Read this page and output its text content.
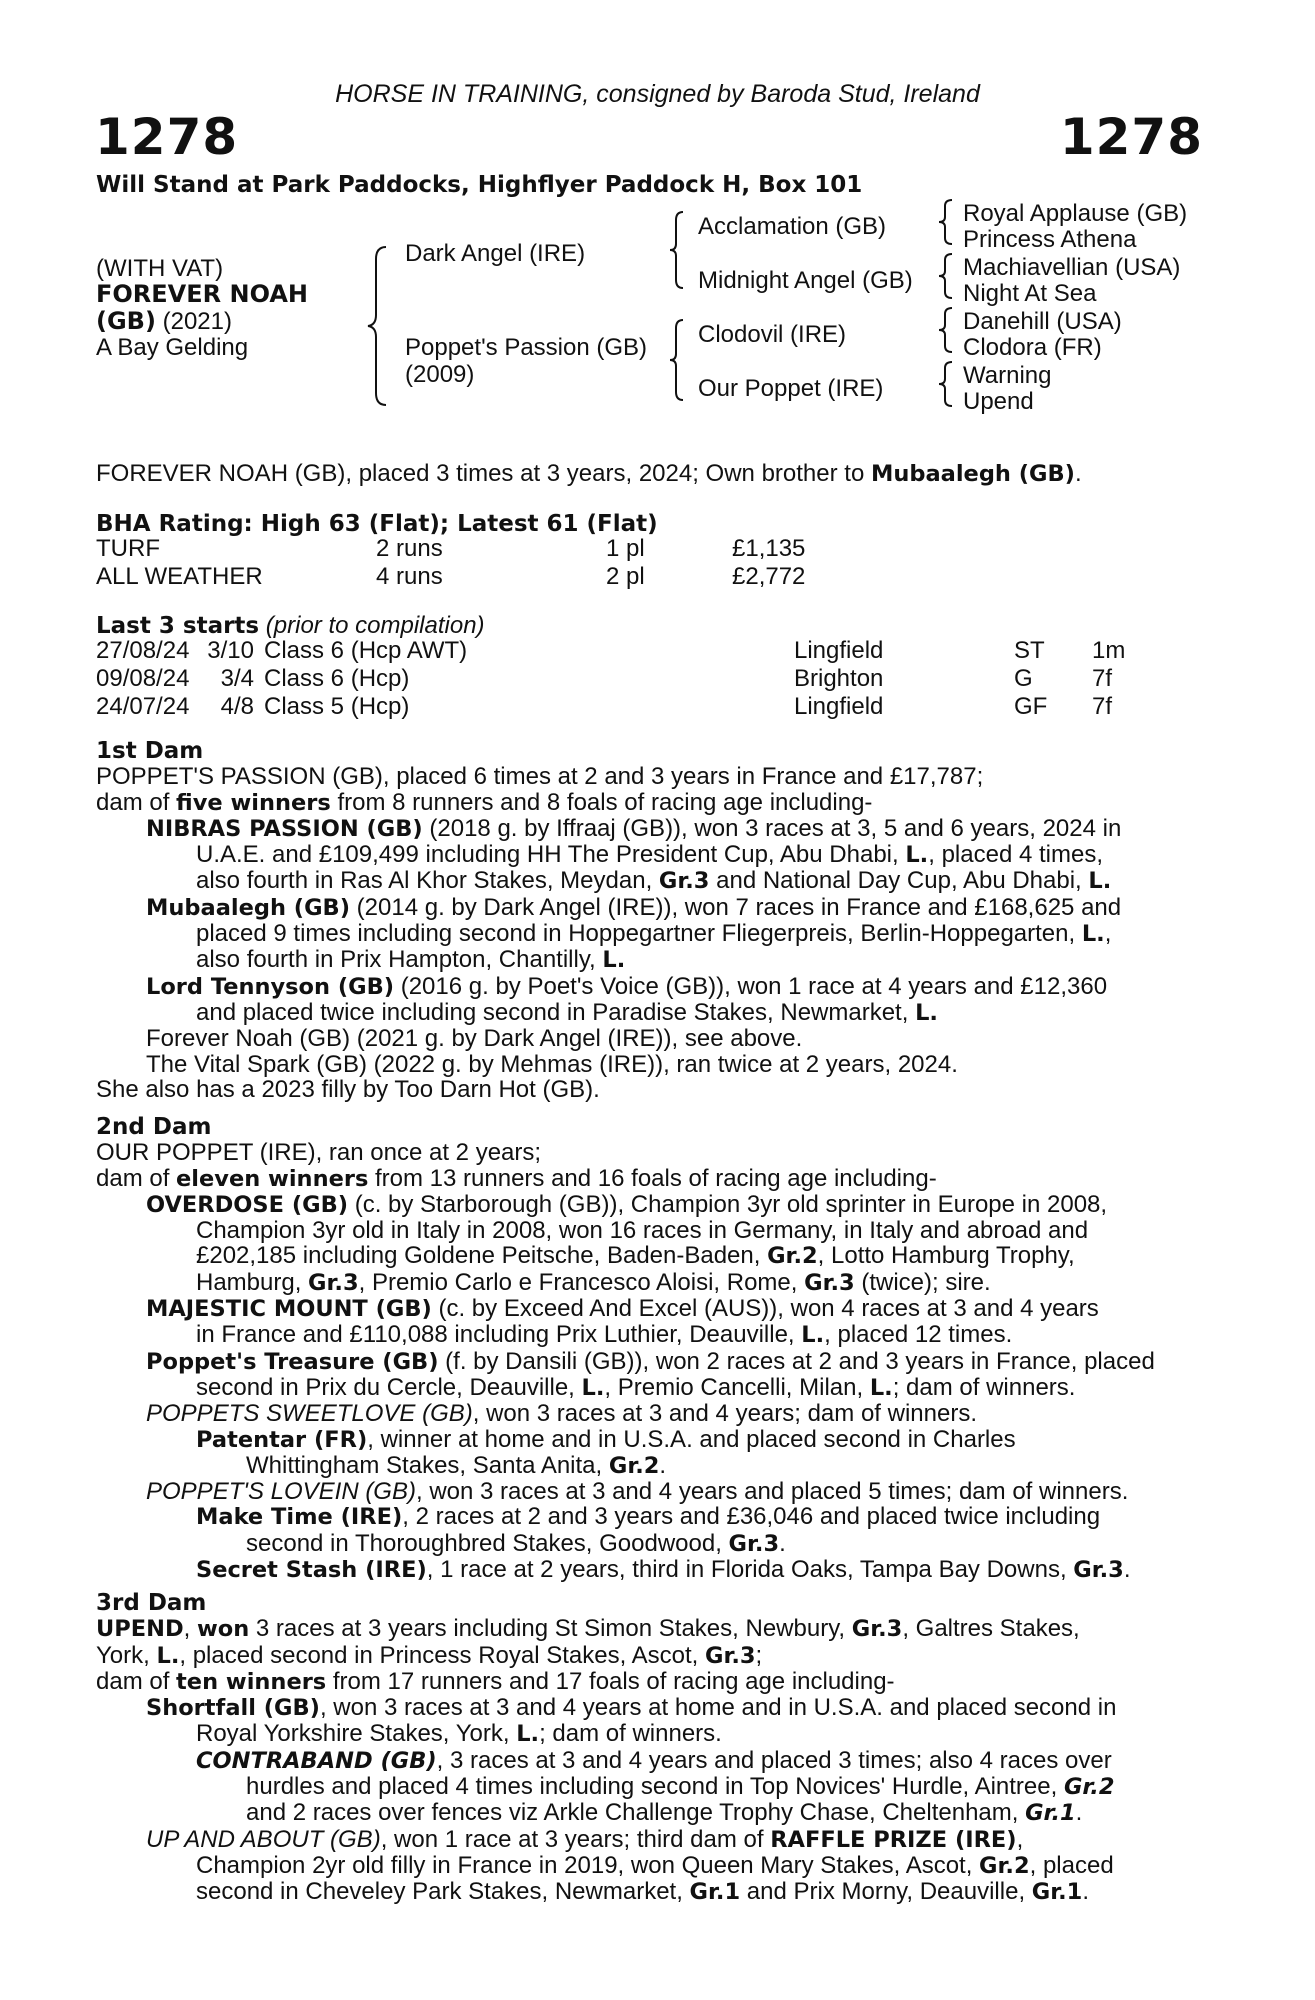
HORSE IN TRAINING, consigned by Baroda Stud, Ireland
1278	1278
Will Stand at Park Paddocks, Highflyer Paddock H, Box 101
(WITH VAT)
FOREVER NOAH
(GB) (2021)
A Bay Gelding
Dark Angel (IRE)
Poppet's Passion (GB)
(2009)
Acclamation (GB)
Midnight Angel (GB)
Clodovil (IRE)
Our Poppet (IRE)
Royal Applause (GB)
Princess Athena
Machiavellian (USA)
Night At Sea
Danehill (USA)
Clodora (FR)
Warning
Upend
FOREVER NOAH (GB), placed 3 times at 3 years, 2024; Own brother to Mubaalegh (GB).
BHA Rating: High 63 (Flat); Latest 61 (Flat)
TURF	2 runs	1 pl	£1,135
ALL WEATHER	4 runs	2 pl	£2,772
Last 3 starts (prior to compilation)
27/08/24	3/10	Class 6 (Hcp AWT)	Lingfield	ST	1m
09/08/24	3/4	Class 6 (Hcp)	Brighton	G	7f
24/07/24	4/8	Class 5 (Hcp)	Lingfield	GF	7f
1st Dam
POPPET'S PASSION (GB), placed 6 times at 2 and 3 years in France and £17,787;
dam of five winners from 8 runners and 8 foals of racing age including-
NIBRAS PASSION (GB) (2018 g. by Iffraaj (GB)), won 3 races at 3, 5 and 6 years, 2024 in
U.A.E. and £109,499 including HH The President Cup, Abu Dhabi, L., placed 4 times,
also fourth in Ras Al Khor Stakes, Meydan, Gr.3 and National Day Cup, Abu Dhabi, L.
Mubaalegh (GB) (2014 g. by Dark Angel (IRE)), won 7 races in France and £168,625 and
placed 9 times including second in Hoppegartner Fliegerpreis, Berlin-Hoppegarten, L.,
also fourth in Prix Hampton, Chantilly, L.
Lord Tennyson (GB) (2016 g. by Poet's Voice (GB)), won 1 race at 4 years and £12,360
and placed twice including second in Paradise Stakes, Newmarket, L.
Forever Noah (GB) (2021 g. by Dark Angel (IRE)), see above.
The Vital Spark (GB) (2022 g. by Mehmas (IRE)), ran twice at 2 years, 2024.
She also has a 2023 filly by Too Darn Hot (GB).
2nd Dam
OUR POPPET (IRE), ran once at 2 years;
dam of eleven winners from 13 runners and 16 foals of racing age including-
OVERDOSE (GB) (c. by Starborough (GB)), Champion 3yr old sprinter in Europe in 2008,
Champion 3yr old in Italy in 2008, won 16 races in Germany, in Italy and abroad and
£202,185 including Goldene Peitsche, Baden-Baden, Gr.2, Lotto Hamburg Trophy,
Hamburg, Gr.3, Premio Carlo e Francesco Aloisi, Rome, Gr.3 (twice); sire.
MAJESTIC MOUNT (GB) (c. by Exceed And Excel (AUS)), won 4 races at 3 and 4 years
in France and £110,088 including Prix Luthier, Deauville, L., placed 12 times.
Poppet's Treasure (GB) (f. by Dansili (GB)), won 2 races at 2 and 3 years in France, placed
second in Prix du Cercle, Deauville, L., Premio Cancelli, Milan, L.; dam of winners.
POPPETS SWEETLOVE (GB), won 3 races at 3 and 4 years; dam of winners.
Patentar (FR), winner at home and in U.S.A. and placed second in Charles
Whittingham Stakes, Santa Anita, Gr.2.
POPPET'S LOVEIN (GB), won 3 races at 3 and 4 years and placed 5 times; dam of winners.
Make Time (IRE), 2 races at 2 and 3 years and £36,046 and placed twice including
second in Thoroughbred Stakes, Goodwood, Gr.3.
Secret Stash (IRE), 1 race at 2 years, third in Florida Oaks, Tampa Bay Downs, Gr.3.
3rd Dam
UPEND, won 3 races at 3 years including St Simon Stakes, Newbury, Gr.3, Galtres Stakes,
York, L., placed second in Princess Royal Stakes, Ascot, Gr.3;
dam of ten winners from 17 runners and 17 foals of racing age including-
Shortfall (GB), won 3 races at 3 and 4 years at home and in U.S.A. and placed second in
Royal Yorkshire Stakes, York, L.; dam of winners.
CONTRABAND (GB), 3 races at 3 and 4 years and placed 3 times; also 4 races over
hurdles and placed 4 times including second in Top Novices' Hurdle, Aintree, Gr.2
and 2 races over fences viz Arkle Challenge Trophy Chase, Cheltenham, Gr.1.
UP AND ABOUT (GB), won 1 race at 3 years; third dam of RAFFLE PRIZE (IRE),
Champion 2yr old filly in France in 2019, won Queen Mary Stakes, Ascot, Gr.2, placed
second in Cheveley Park Stakes, Newmarket, Gr.1 and Prix Morny, Deauville, Gr.1.
